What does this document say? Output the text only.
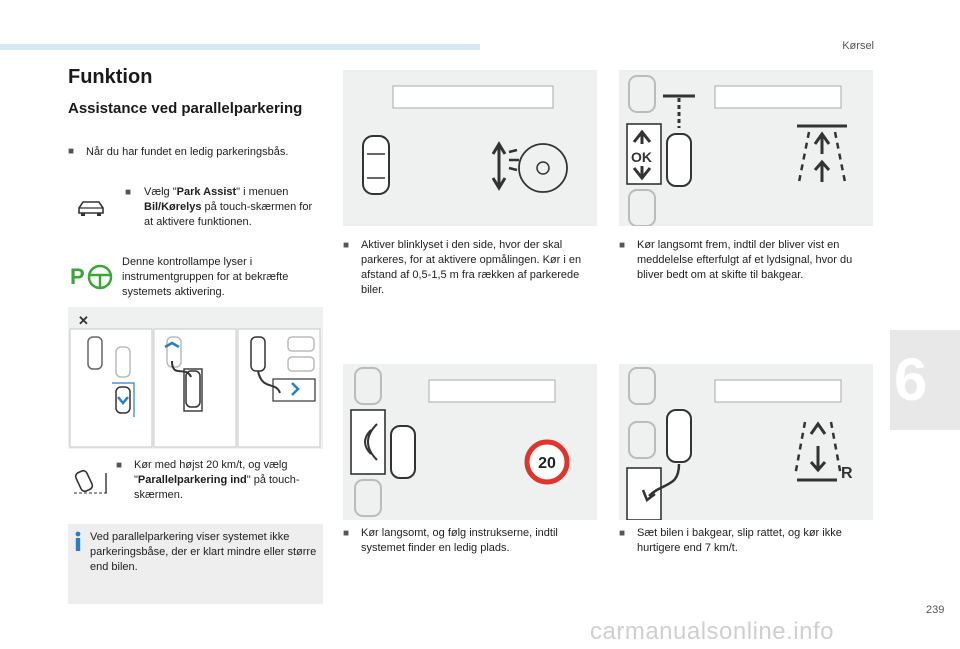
Kørsel
6
Funktion
Assistance ved parallelparkering
■ Når du har fundet en ledig parkeringsbås.
■ Vælg "Park Assist" i menuen Bil/Kørelys på touch-skærmen for at aktivere funktionen.
P
Denne kontrollampe lyser i instrumentgruppen for at bekræfte systemets aktivering.
✕
■ Kør med højst 20 km/t, og vælg "Parallelparkering ind" på touch-skærmen.
Ved parallelparkering viser systemet ikke parkeringsbåse, der er klart mindre eller større end bilen.
■ Aktiver blinklyset i den side, hvor der skal parkeres, for at aktivere opmålingen. Kør i en afstand af 0,5-1,5 m fra rækken af parkerede biler.
OK
■ Kør langsomt frem, indtil der bliver vist en meddelelse efterfulgt af et lydsignal, hvor du bliver bedt om at skifte til bakgear.
20
■ Kør langsomt, og følg instrukserne, indtil systemet finder en ledig plads.
R
■ Sæt bilen i bakgear, slip rattet, og kør ikke hurtigere end 7 km/t.
239
carmanualsonline.info
